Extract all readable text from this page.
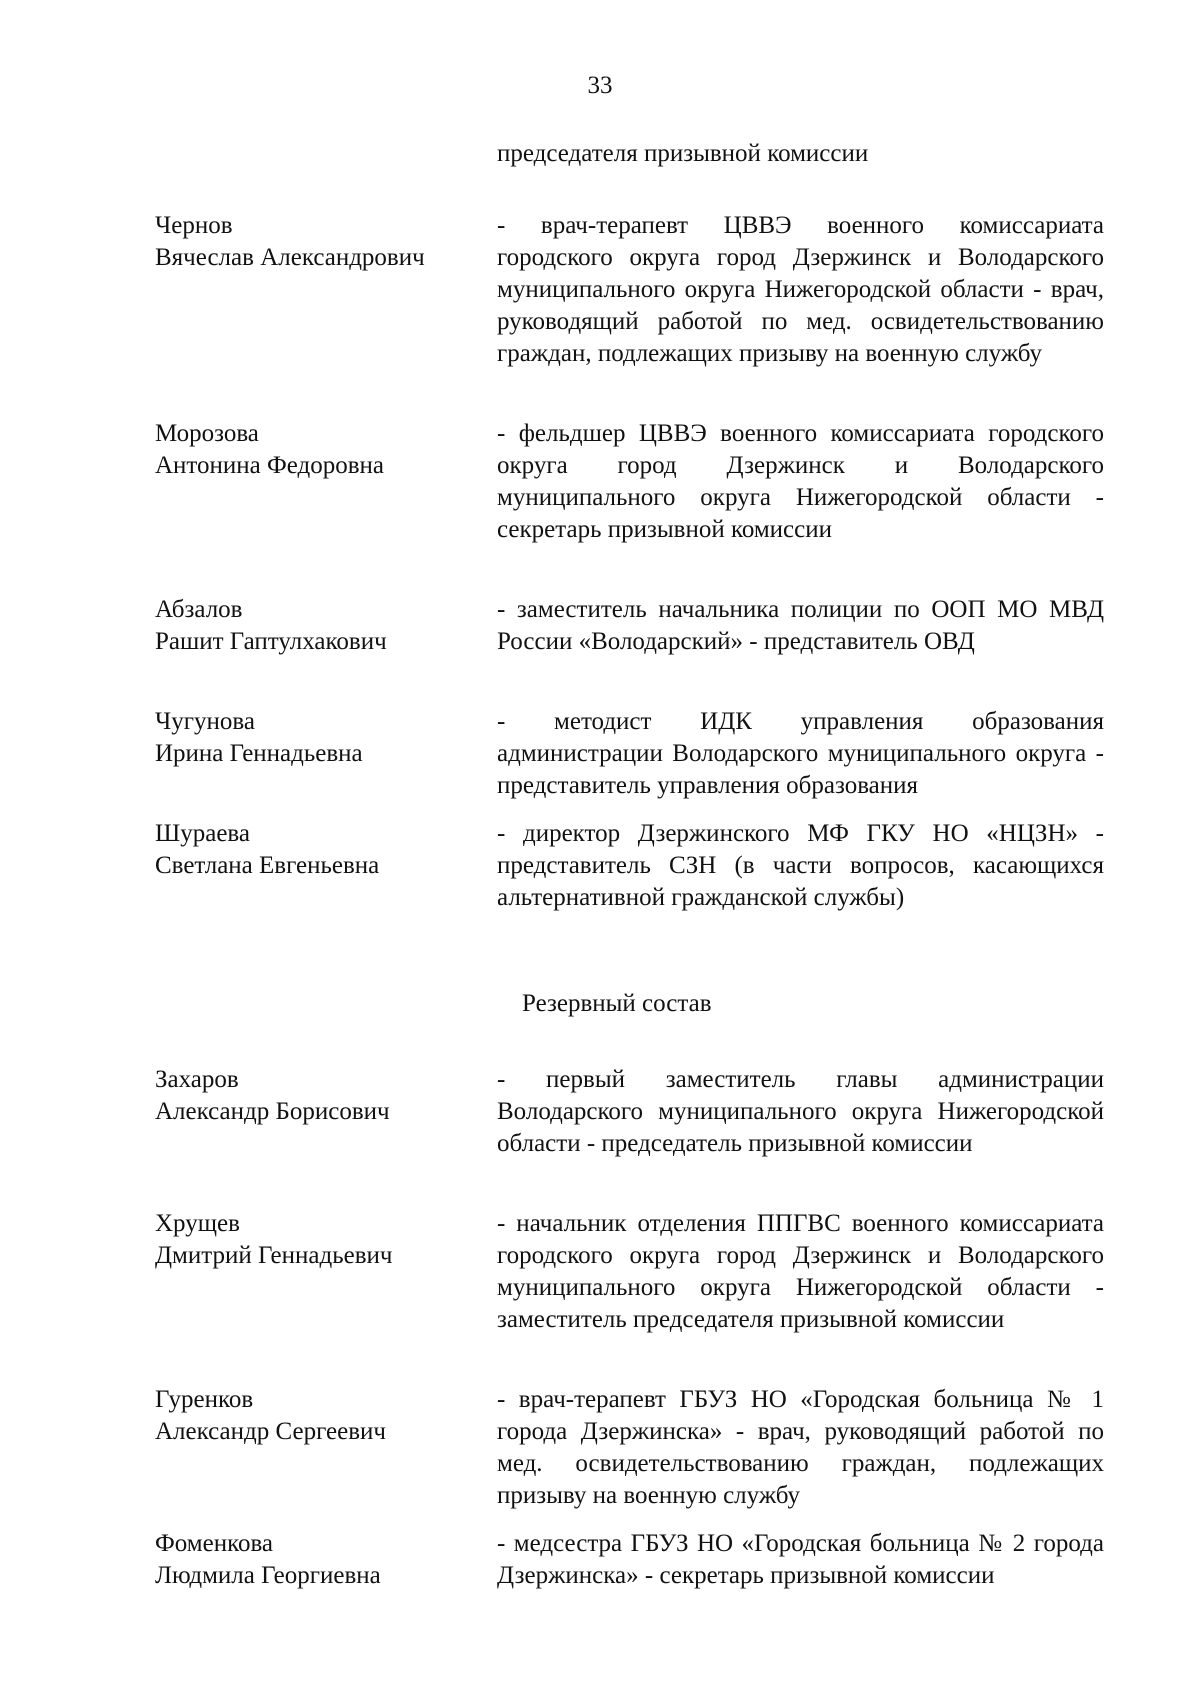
33
председателя призывной комиссии
Чернов
Вячеслав Александрович
- врач-терапевт ЦВВЭ военного комиссариата городского округа город Дзержинск и Володарского муниципального округа Нижегородской области - врач, руководящий работой по мед. освидетельствованию граждан, подлежащих призыву на военную службу
Морозова
Антонина Федоровна
- фельдшер ЦВВЭ военного комиссариата городского округа город Дзержинск и Володарского муниципального округа Нижегородской области - секретарь призывной комиссии
Абзалов
Рашит Гаптулхакович
- заместитель начальника полиции по ООП МО МВД России «Володарский» - представитель ОВД
Чугунова
Ирина Геннадьевна
- методист ИДК управления образования администрации Володарского муниципального округа - представитель управления образования
Шураева
Светлана Евгеньевна
- директор Дзержинского МФ ГКУ НО «НЦЗН» - представитель СЗН (в части вопросов, касающихся альтернативной гражданской службы)
Резервный состав
Захаров
Александр Борисович
- первый заместитель главы администрации Володарского муниципального округа Нижегородской области - председатель призывной комиссии
Хрущев
Дмитрий Геннадьевич
- начальник отделения ППГВС военного комиссариата городского округа город Дзержинск и Володарского муниципального округа Нижегородской области - заместитель председателя призывной комиссии
Гуренков
Александр Сергеевич
- врач-терапевт ГБУЗ НО «Городская больница № 1 города Дзержинска» - врач, руководящий работой по мед. освидетельствованию граждан, подлежащих призыву на военную службу
Фоменкова
Людмила Георгиевна
- медсестра ГБУЗ НО «Городская больница № 2 города Дзержинска» - секретарь призывной комиссии
